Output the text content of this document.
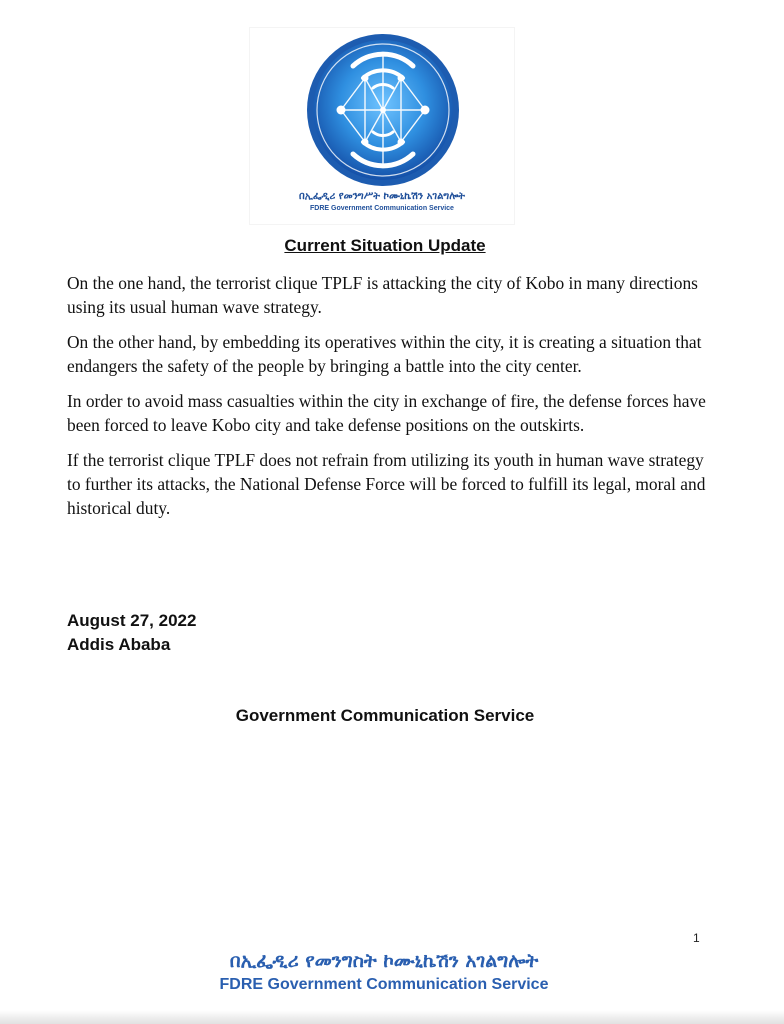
በኢፌዲሪ የመንግሥት ኮሙኒኬሽን አገልግሎት
FDRE Government Communication Service
Current Situation Update

On the one hand, the terrorist clique TPLF is attacking the city of Kobo in many directions using its usual human wave strategy.

On the other hand, by embedding its operatives within the city, it is creating a situation that endangers the safety of the people by bringing a battle into the city center.

In order to avoid mass casualties within the city in exchange of fire, the defense forces have been forced to leave Kobo city and take defense positions on the outskirts.

If the terrorist clique TPLF does not refrain from utilizing its youth in human wave strategy to further its attacks, the National Defense Force will be forced to fulfill its legal, moral and historical duty.

August 27, 2022
Addis Ababa
Government Communication Service
1
በኢፌዲሪ የመንግስት ኮሙኒኬሽን አገልግሎት
FDRE Government Communication Service
